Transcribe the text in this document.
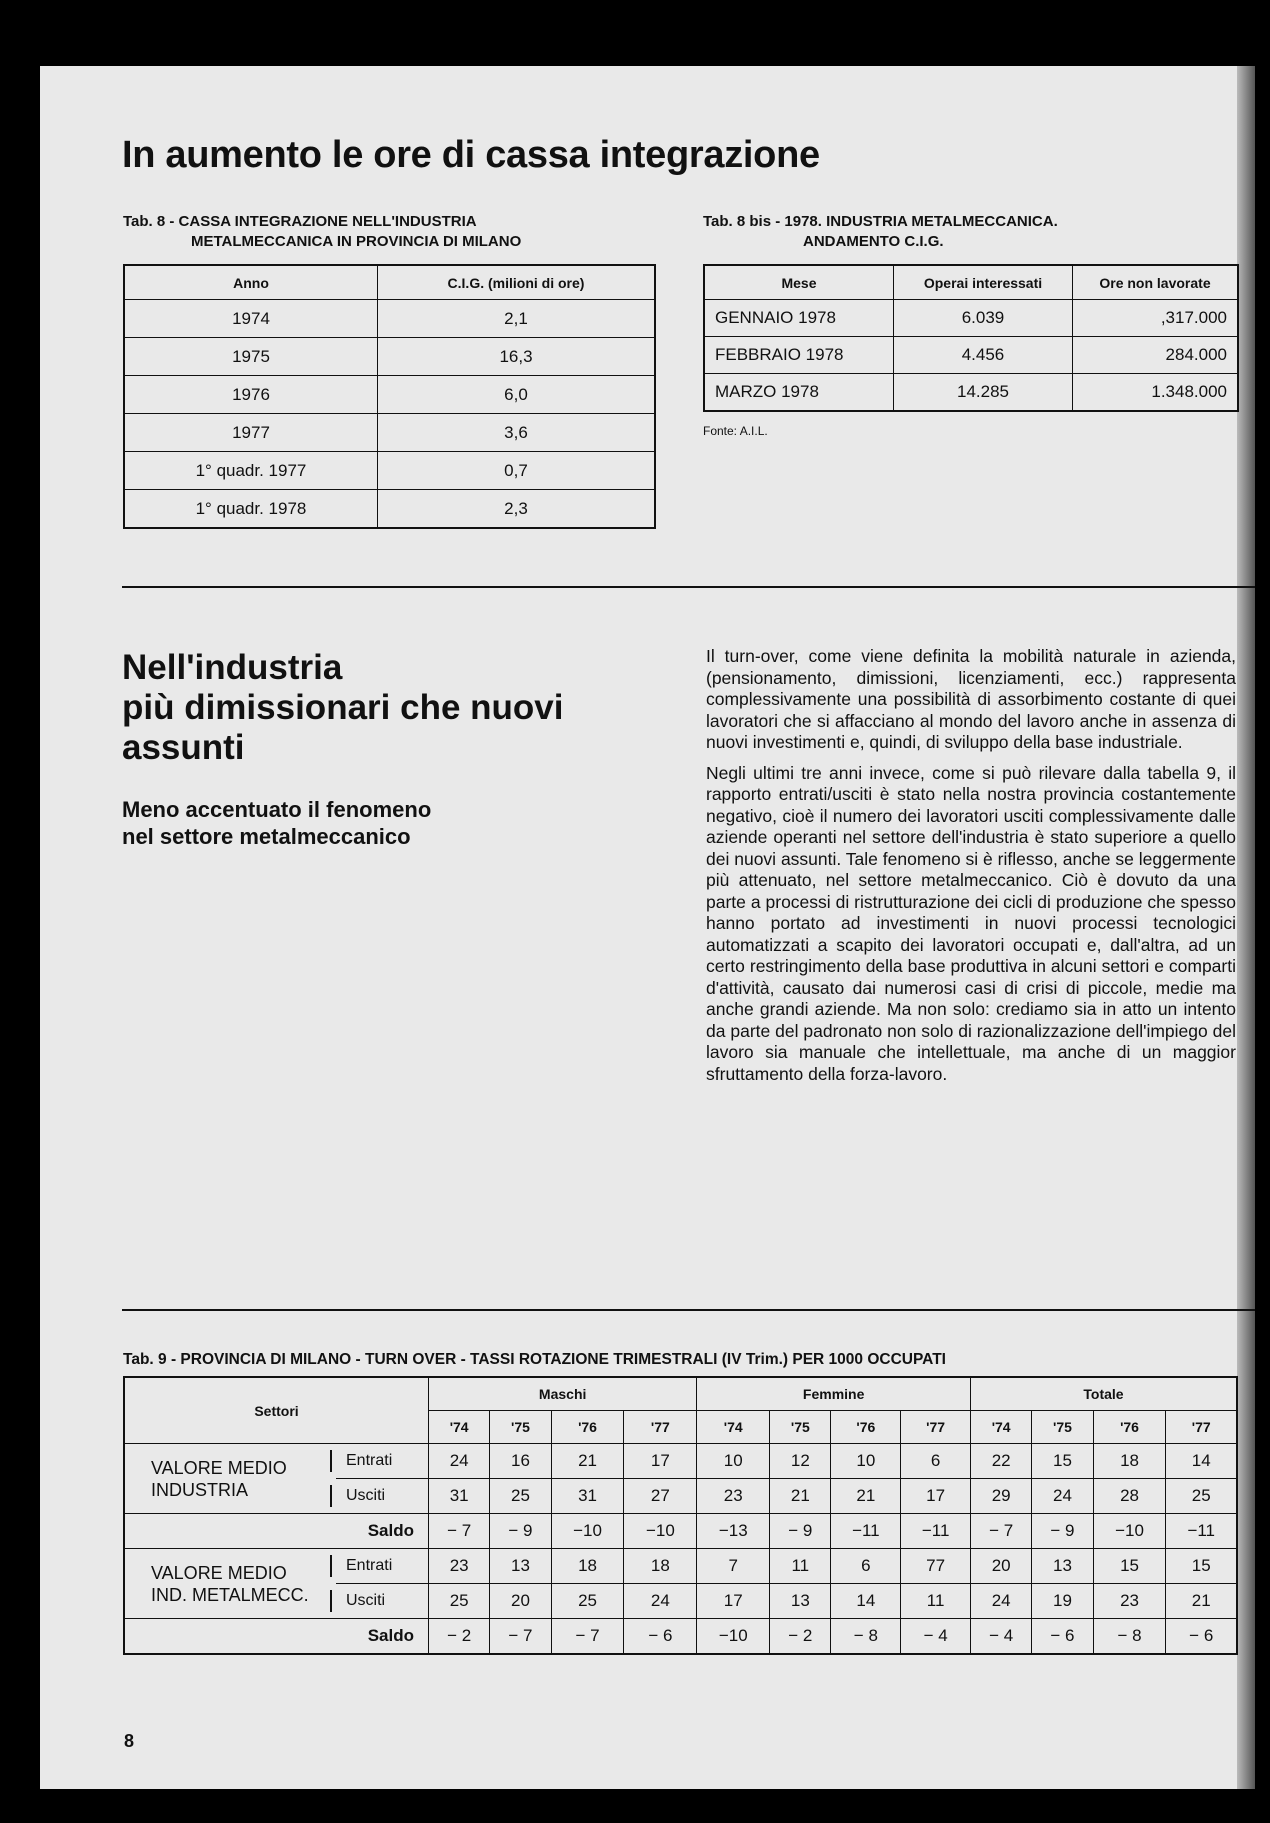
In aumento le ore di cassa integrazione
Tab. 8 - CASSA INTEGRAZIONE NELL'INDUSTRIA
METALMECCANICA IN PROVINCIA DI MILANO
Anno	C.I.G. (milioni di ore)
1974	2,1
1975	16,3
1976	6,0
1977	3,6
1° quadr. 1977	0,7
1° quadr. 1978	2,3
Tab. 8 bis - 1978. INDUSTRIA METALMECCANICA.
ANDAMENTO C.I.G.
Mese	Operai interessati	Ore non lavorate
GENNAIO 1978	6.039	,317.000
FEBBRAIO 1978	4.456	284.000
MARZO 1978	14.285	1.348.000
Fonte: A.I.L.
Nell'industria
più dimissionari che nuovi
assunti
Meno accentuato il fenomeno
nel settore metalmeccanico

Il turn-over, come viene definita la mobilità naturale in azienda, (pensionamento, dimissioni, licenziamenti, ecc.) rappresenta complessivamente una possibilità di assorbimento costante di quei lavoratori che si affacciano al mondo del lavoro anche in assenza di nuovi investimenti e, quindi, di sviluppo della base industriale.

Negli ultimi tre anni invece, come si può rilevare dalla tabella 9, il rapporto entrati/usciti è stato nella nostra provincia costantemente negativo, cioè il numero dei lavoratori usciti complessivamente dalle aziende operanti nel settore dell'industria è stato superiore a quello dei nuovi assunti. Tale fenomeno si è riflesso, anche se leggermente più attenuato, nel settore metalmeccanico. Ciò è dovuto da una parte a processi di ristrutturazione dei cicli di produzione che spesso hanno portato ad investimenti in nuovi processi tecnologici automatizzati a scapito dei lavoratori occupati e, dall'altra, ad un certo restringimento della base produttiva in alcuni settori e comparti d'attività, causato dai numerosi casi di crisi di piccole, medie ma anche grandi aziende. Ma non solo: crediamo sia in atto un intento da parte del padronato non solo di razionalizzazione dell'impiego del lavoro sia manuale che intellettuale, ma anche di un maggior sfruttamento della forza-lavoro.

Tab. 9 - PROVINCIA DI MILANO - TURN OVER - TASSI ROTAZIONE TRIMESTRALI (IV Trim.) PER 1000 OCCUPATI
Settori		Maschi				Femmine				Totale			
		'74	'75	'76	'77	'74	'75	'76	'77	'74	'75	'76	'77

VALORE MEDIO
INDUSTRIA	Entrati	24	16	21	17	10	12	10	6	22	15	18	14

Usciti	31	25	31	27	23	21	21	17	29	24	28	25
Saldo		− 7	− 9	−10	−10	−13	− 9	−11	−11	− 7	− 9	−10	−11

VALORE MEDIO
IND. METALMECC.	Entrati	23	13	18	18	7	11	6	77	20	13	15	15

Usciti	25	20	25	24	17	13	14	11	24	19	23	21
Saldo		− 2	− 7	− 7	− 6	−10	− 2	− 8	− 4	− 4	− 6	− 8	− 6
8
